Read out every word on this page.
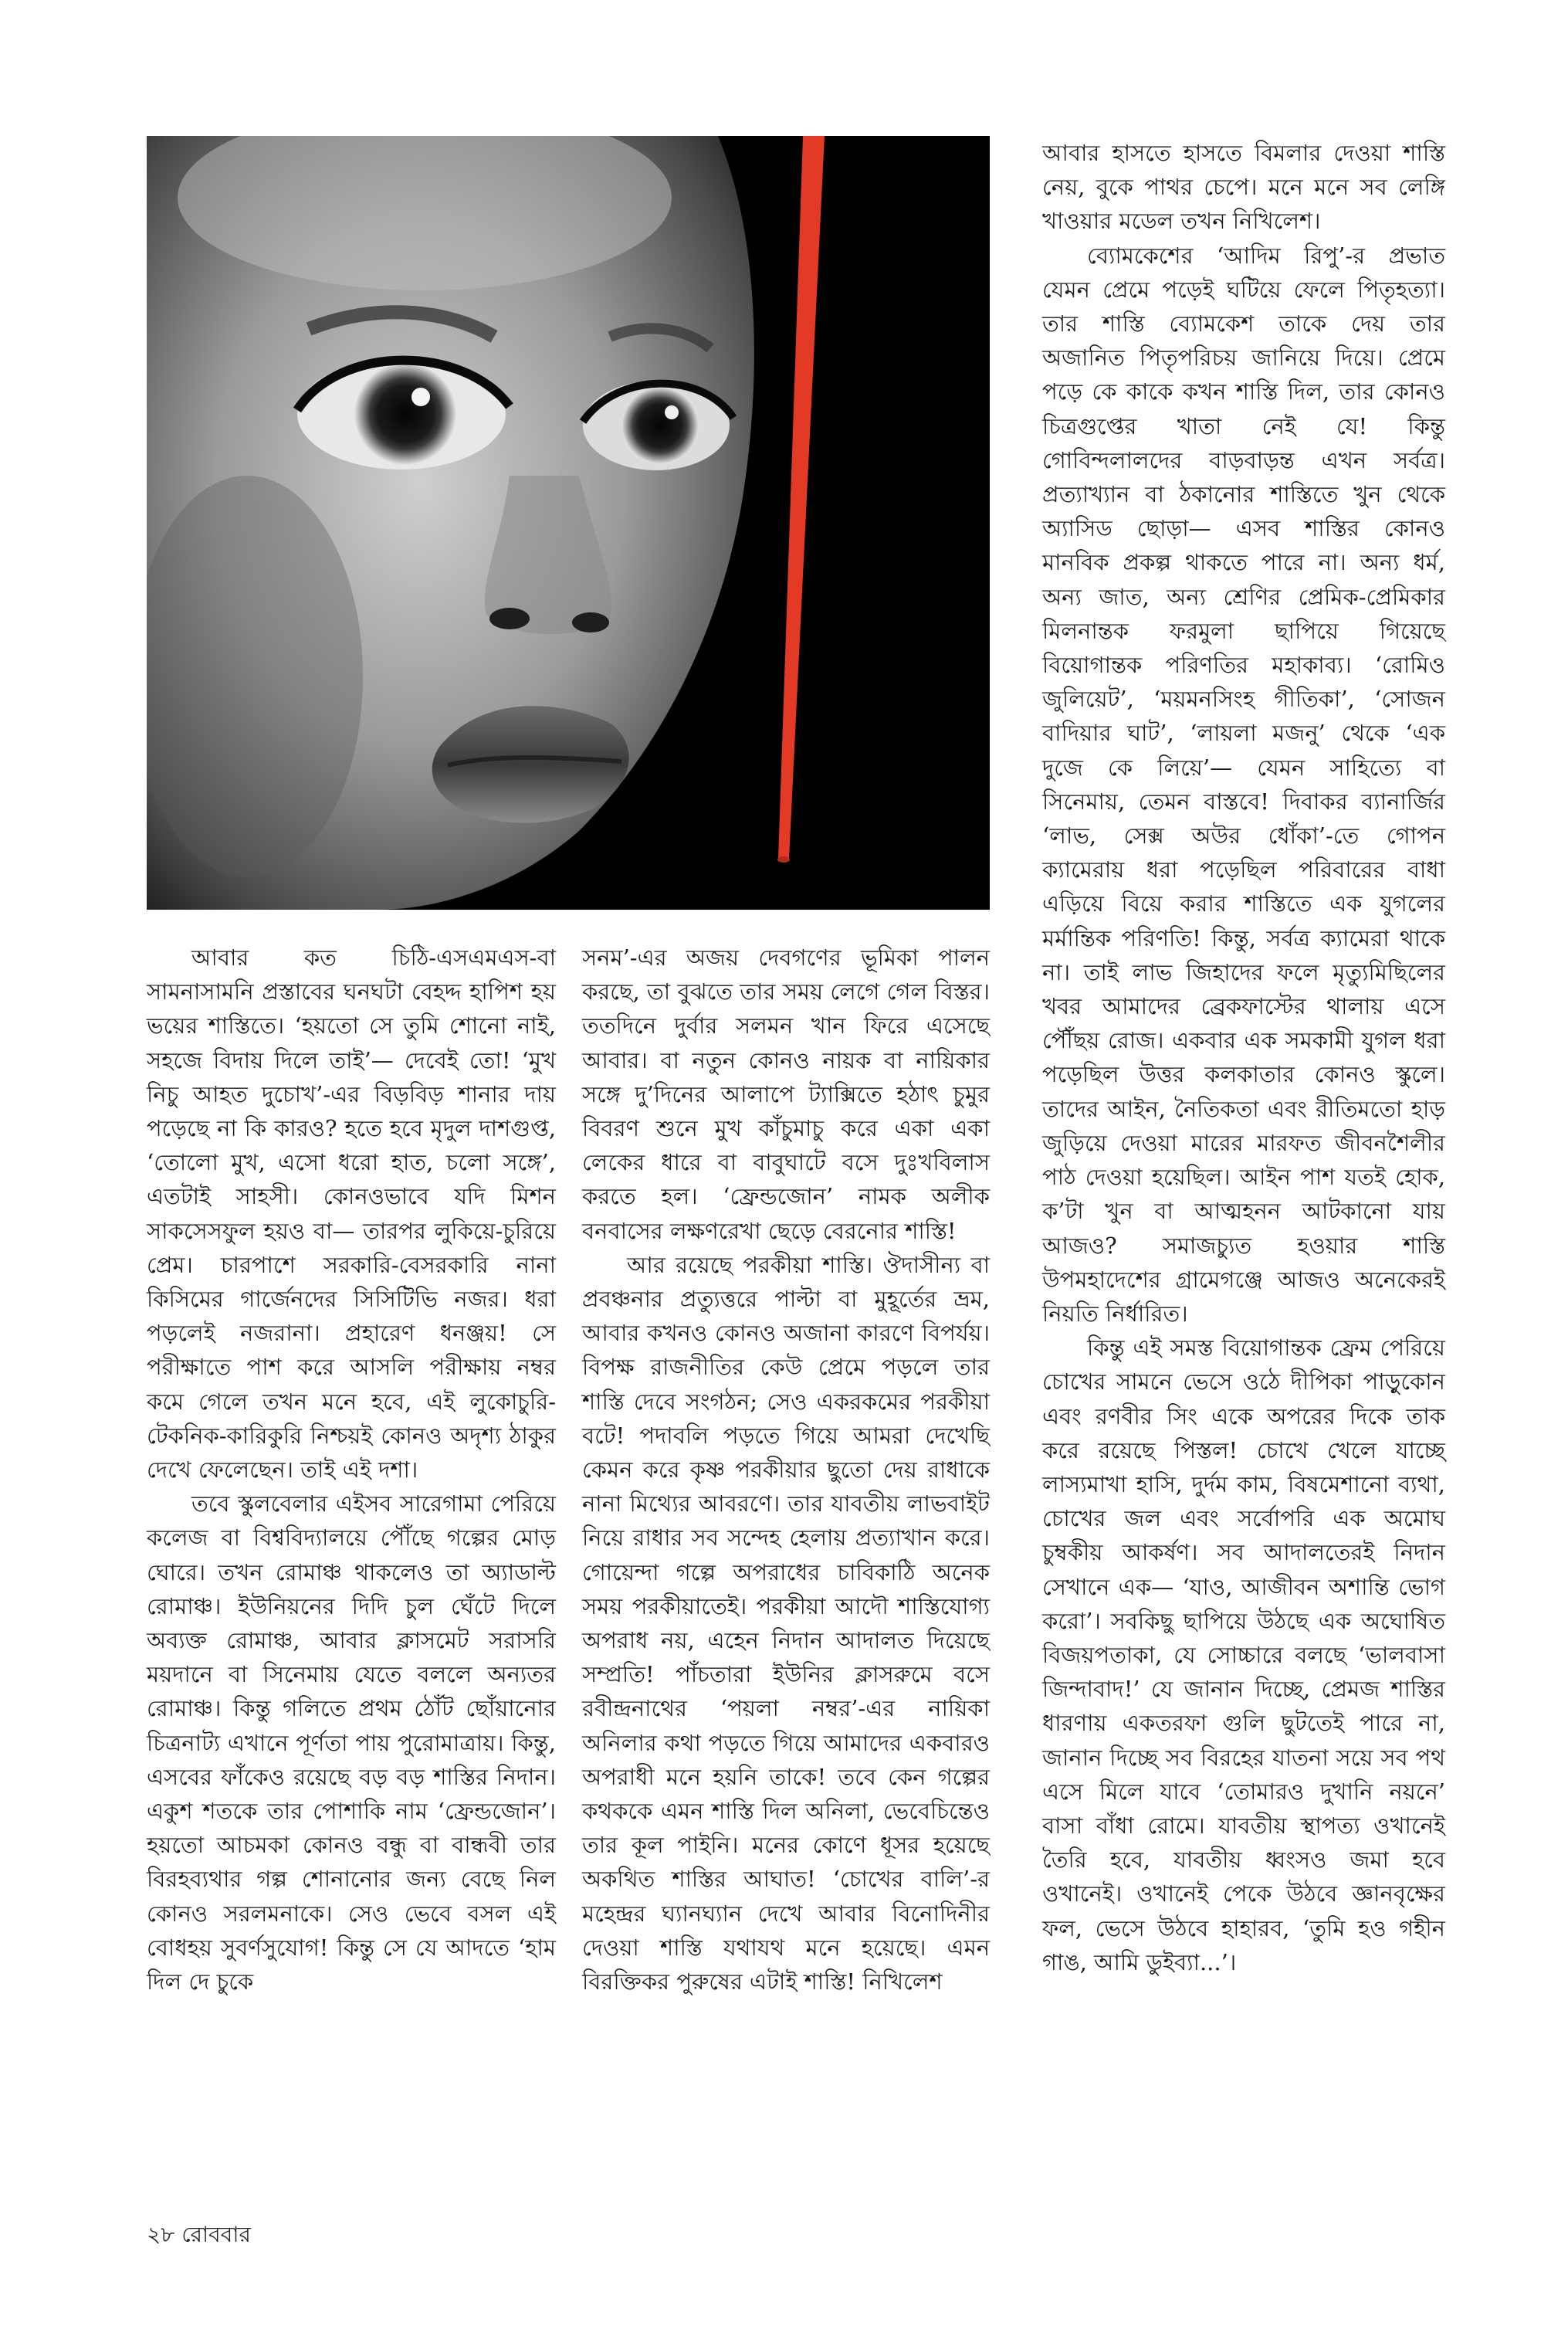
আবার কত চিঠি-এসএমএস-বা সামনাসামনি প্রস্তাবের ঘনঘটা বেহদ্দ হাপিশ হয় ভয়ের শাস্তিতে। ‘হয়তো সে তুমি শোনো নাই, সহজে বিদায় দিলে তাই’— দেবেই তো! ‘মুখ নিচু আহত দুচোখ’-এর বিড়বিড় শানার দায় পড়েছে না কি কারও? হতে হবে মৃদুল দাশগুপ্ত, ‘তোলো মুখ, এসো ধরো হাত, চলো সঙ্গে’, এতটাই সাহসী। কোনওভাবে যদি মিশন সাকসেসফুল হয়ও বা— তারপর লুকিয়ে-চুরিয়ে প্রেম। চারপাশে সরকারি-বেসরকারি নানা কিসিমের গার্জেনদের সিসিটিভি নজর। ধরা পড়লেই নজরানা। প্রহারেণ ধনঞ্জয়! সে পরীক্ষাতে পাশ করে আসলি পরীক্ষায় নম্বর কমে গেলে তখন মনে হবে, এই লুকোচুরি-টেকনিক-কারিকুরি নিশ্চয়ই কোনও অদৃশ্য ঠাকুর দেখে ফেলেছেন। তাই এই দশা।

তবে স্কুলবেলার এইসব সারেগামা পেরিয়ে কলেজ বা বিশ্ববিদ্যালয়ে পৌঁছে গল্পের মোড় ঘোরে। তখন রোমাঞ্চ থাকলেও তা অ্যাডাল্ট রোমাঞ্চ। ইউনিয়নের দিদি চুল ঘেঁটে দিলে অব্যক্ত রোমাঞ্চ, আবার ক্লাসমেট সরাসরি ময়দানে বা সিনেমায় যেতে বললে অন্যতর রোমাঞ্চ। কিন্তু গলিতে প্রথম ঠোঁট ছোঁয়ানোর চিত্রনাট্য এখানে পূর্ণতা পায় পুরোমাত্রায়। কিন্তু, এসবের ফাঁকেও রয়েছে বড় বড় শাস্তির নিদান। একুশ শতকে তার পোশাকি নাম ‘ফ্রেন্ডজোন’। হয়তো আচমকা কোনও বন্ধু বা বান্ধবী তার বিরহব্যথার গল্প শোনানোর জন্য বেছে নিল কোনও সরলমনাকে। সেও ভেবে বসল এই বোধহয় সুবর্ণসুযোগ! কিন্তু সে যে আদতে ‘হাম দিল দে চুকে

সনম’-এর অজয় দেবগণের ভূমিকা পালন করছে, তা বুঝতে তার সময় লেগে গেল বিস্তর। ততদিনে দুর্বার সলমন খান ফিরে এসেছে আবার। বা নতুন কোনও নায়ক বা নায়িকার সঙ্গে দু’দিনের আলাপে ট্যাক্সিতে হঠাৎ চুমুর বিবরণ শুনে মুখ কাঁচুমাচু করে একা একা লেকের ধারে বা বাবুঘাটে বসে দুঃখবিলাস করতে হল। ‘ফ্রেন্ডজোন’ নামক অলীক বনবাসের লক্ষণরেখা ছেড়ে বেরনোর শাস্তি!

আর রয়েছে পরকীয়া শাস্তি। ঔদাসীন্য বা প্রবঞ্চনার প্রত্যুত্তরে পাল্টা বা মুহূর্তের ভ্রম, আবার কখনও কোনও অজানা কারণে বিপর্যয়। বিপক্ষ রাজনীতির কেউ প্রেমে পড়লে তার শাস্তি দেবে সংগঠন; সেও একরকমের পরকীয়া বটে! পদাবলি পড়তে গিয়ে আমরা দেখেছি কেমন করে কৃষ্ণ পরকীয়ার ছুতো দেয় রাধাকে নানা মিথ্যের আবরণে। তার যাবতীয় লাভবাইট নিয়ে রাধার সব সন্দেহ হেলায় প্রত্যাখান করে। গোয়েন্দা গল্পে অপরাধের চাবিকাঠি অনেক সময় পরকীয়াতেই। পরকীয়া আদৌ শাস্তিযোগ্য অপরাধ নয়, এহেন নিদান আদালত দিয়েছে সম্প্রতি! পাঁচতারা ইউনির ক্লাসরুমে বসে রবীন্দ্রনাথের ‘পয়লা নম্বর’-এর নায়িকা অনিলার কথা পড়তে গিয়ে আমাদের একবারও অপরাধী মনে হয়নি তাকে! তবে কেন গল্পের কথককে এমন শাস্তি দিল অনিলা, ভেবেচিন্তেও তার কূল পাইনি। মনের কোণে ধূসর হয়েছে অকথিত শাস্তির আঘাত! ‘চোখের বালি’-র মহেন্দ্রর ঘ্যানঘ্যান দেখে আবার বিনোদিনীর দেওয়া শাস্তি যথাযথ মনে হয়েছে। এমন বিরক্তিকর পুরুষের এটাই শাস্তি! নিখিলেশ

আবার হাসতে হাসতে বিমলার দেওয়া শাস্তি নেয়, বুকে পাথর চেপে। মনে মনে সব লেঙ্গি খাওয়ার মডেল তখন নিখিলেশ।

ব্যোমকেশের ‘আদিম রিপু’-র প্রভাত যেমন প্রেমে পড়েই ঘটিয়ে ফেলে পিতৃহত্যা। তার শাস্তি ব্যোমকেশ তাকে দেয় তার অজানিত পিতৃপরিচয় জানিয়ে দিয়ে। প্রেমে পড়ে কে কাকে কখন শাস্তি দিল, তার কোনও চিত্রগুপ্তের খাতা নেই যে! কিন্তু গোবিন্দলালদের বাড়বাড়ন্ত এখন সর্বত্র। প্রত্যাখ্যান বা ঠকানোর শাস্তিতে খুন থেকে অ্যাসিড ছোড়া— এসব শাস্তির কোনও মানবিক প্রকল্প থাকতে পারে না। অন্য ধর্ম, অন্য জাত, অন্য শ্রেণির প্রেমিক-প্রেমিকার মিলনান্তক ফরমুলা ছাপিয়ে গিয়েছে বিয়োগান্তক পরিণতির মহাকাব্য। ‘রোমিও জুলিয়েট’, ‘ময়মনসিংহ গীতিকা’, ‘সোজন বাদিয়ার ঘাট’, ‘লায়লা মজনু’ থেকে ‘এক দুজে কে লিয়ে’— যেমন সাহিত্যে বা সিনেমায়, তেমন বাস্তবে! দিবাকর ব্যানার্জির ‘লাভ, সেক্স অউর ধোঁকা’-তে গোপন ক্যামেরায় ধরা পড়েছিল পরিবারের বাধা এড়িয়ে বিয়ে করার শাস্তিতে এক যুগলের মর্মান্তিক পরিণতি! কিন্তু, সর্বত্র ক্যামেরা থাকে না। তাই লাভ জিহাদের ফলে মৃত্যুমিছিলের খবর আমাদের ব্রেকফাস্টের থালায় এসে পৌঁছয় রোজ। একবার এক সমকামী যুগল ধরা পড়েছিল উত্তর কলকাতার কোনও স্কুলে। তাদের আইন, নৈতিকতা এবং রীতিমতো হাড় জুড়িয়ে দেওয়া মারের মারফত জীবনশৈলীর পাঠ দেওয়া হয়েছিল। আইন পাশ যতই হোক, ক’টা খুন বা আত্মহনন আটকানো যায় আজও? সমাজচ্যুত হওয়ার শাস্তি উপমহাদেশের গ্রামেগঞ্জে আজও অনেকেরই নিয়তি নির্ধারিত।

কিন্তু এই সমস্ত বিয়োগান্তক ফ্রেম পেরিয়ে চোখের সামনে ভেসে ওঠে দীপিকা পাড়ুকোন এবং রণবীর সিং একে অপরের দিকে তাক করে রয়েছে পিস্তল! চোখে খেলে যাচ্ছে লাস্যমাখা হাসি, দুর্দম কাম, বিষমেশানো ব্যথা, চোখের জল এবং সর্বোপরি এক অমোঘ চুম্বকীয় আকর্ষণ। সব আদালতেরই নিদান সেখানে এক— ‘যাও, আজীবন অশান্তি ভোগ করো’। সবকিছু ছাপিয়ে উঠছে এক অঘোষিত বিজয়পতাকা, যে সোচ্চারে বলছে ‘ভালবাসা জিন্দাবাদ!’ যে জানান দিচ্ছে, প্রেমজ শাস্তির ধারণায় একতরফা গুলি ছুটতেই পারে না, জানান দিচ্ছে সব বিরহের যাতনা সয়ে সব পথ এসে মিলে যাবে ‘তোমারও দুখানি নয়নে’ বাসা বাঁধা রোমে। যাবতীয় স্থাপত্য ওখানেই তৈরি হবে, যাবতীয় ধ্বংসও জমা হবে ওখানেই। ওখানেই পেকে উঠবে জ্ঞানবৃক্ষের ফল, ভেসে উঠবে হাহারব, ‘তুমি হও গহীন গাঙ, আমি ডুইব্যা...’।

২৮ রোববার
